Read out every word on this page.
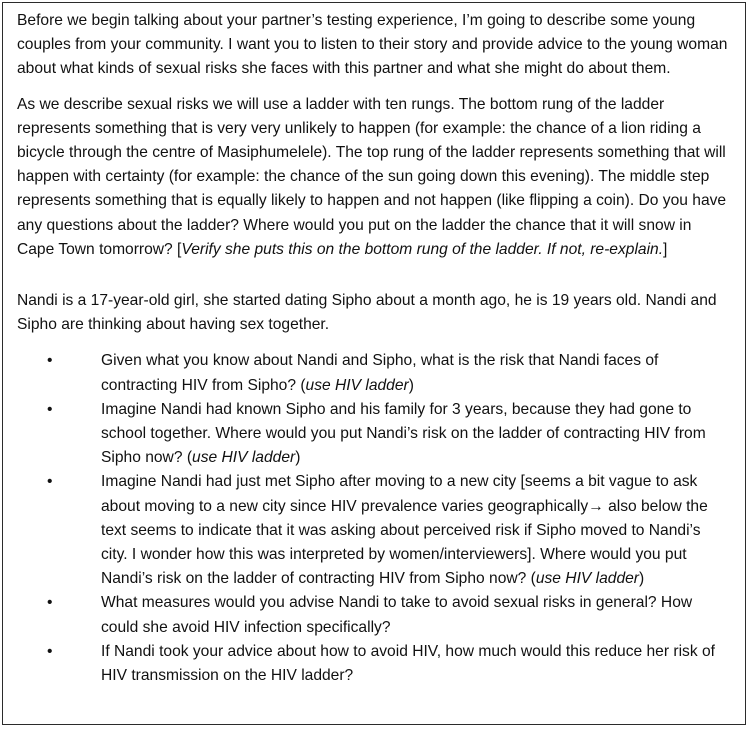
Before we begin talking about your partner’s testing experience, I’m going to describe some young couples from your community. I want you to listen to their story and provide advice to the young woman about what kinds of sexual risks she faces with this partner and what she might do about them.

As we describe sexual risks we will use a ladder with ten rungs. The bottom rung of the ladder represents something that is very very unlikely to happen (for example: the chance of a lion riding a bicycle through the centre of Masiphumelele). The top rung of the ladder represents something that will happen with certainty (for example: the chance of the sun going down this evening). The middle step represents something that is equally likely to happen and not happen (like flipping a coin). Do you have any questions about the ladder? Where would you put on the ladder the chance that it will snow in Cape Town tomorrow? [Verify she puts this on the bottom rung of the ladder. If not, re-explain.]

Nandi is a 17-year-old girl, she started dating Sipho about a month ago, he is 19 years old. Nandi and Sipho are thinking about having sex together.

•	Given what you know about Nandi and Sipho, what is the risk that Nandi faces of contracting HIV from Sipho? (use HIV ladder)
•	Imagine Nandi had known Sipho and his family for 3 years, because they had gone to school together. Where would you put Nandi’s risk on the ladder of contracting HIV from Sipho now? (use HIV ladder)
•	Imagine Nandi had just met Sipho after moving to a new city [seems a bit vague to ask about moving to a new city since HIV prevalence varies geographically→ also below the text seems to indicate that it was asking about perceived risk if Sipho moved to Nandi’s city. I wonder how this was interpreted by women/interviewers]. Where would you put Nandi’s risk on the ladder of contracting HIV from Sipho now? (use HIV ladder)
•	What measures would you advise Nandi to take to avoid sexual risks in general? How could she avoid HIV infection specifically?
•	If Nandi took your advice about how to avoid HIV, how much would this reduce her risk of HIV transmission on the HIV ladder?
